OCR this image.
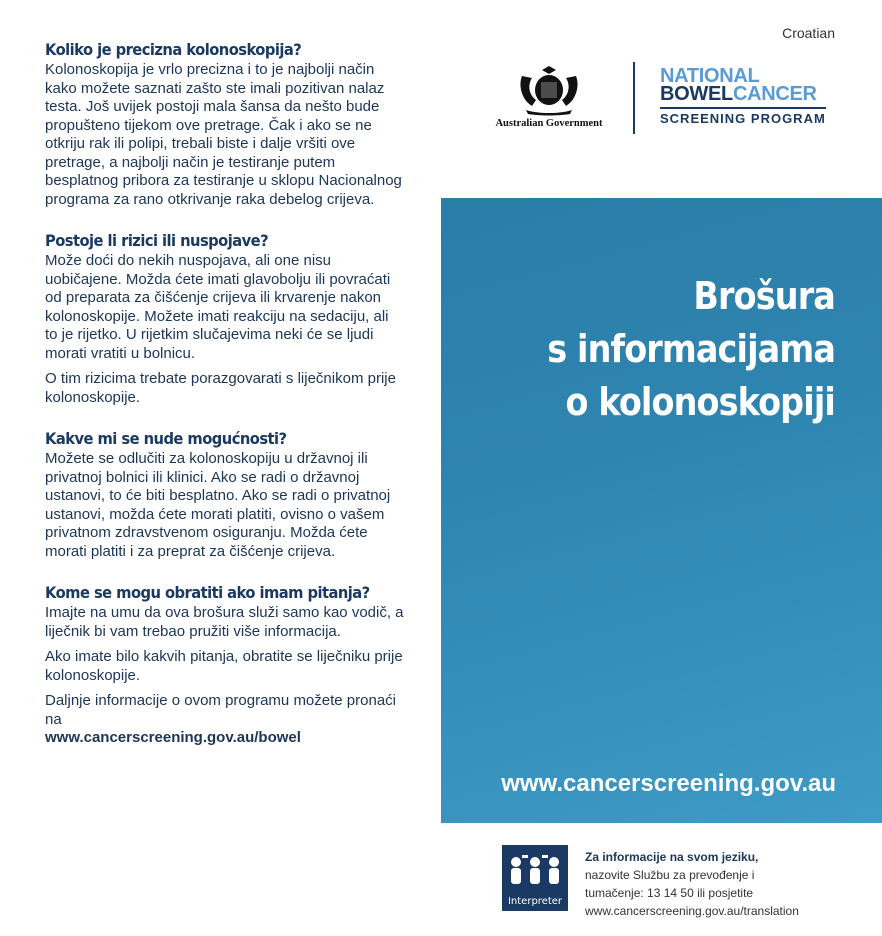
Croatian
Koliko je precizna kolonoskopija?

Kolonoskopija je vrlo precizna i to je najbolji način kako možete saznati zašto ste imali pozitivan nalaz testa. Još uvijek postoji mala šansa da nešto bude propušteno tijekom ove pretrage. Čak i ako se ne otkriju rak ili polipi, trebali biste i dalje vršiti ove pretrage, a najbolji način je testiranje putem besplatnog pribora za testiranje u sklopu Nacionalnog programa za rano otkrivanje raka debelog crijeva.

Postoje li rizici ili nuspojave?

Može doći do nekih nuspojava, ali one nisu uobičajene. Možda ćete imati glavobolju ili povraćati od preparata za čišćenje crijeva ili krvarenje nakon kolonoskopije. Možete imati reakciju na sedaciju, ali to je rijetko. U rijetkim slučajevima neki će se ljudi morati vratiti u bolnicu.

O tim rizicima trebate porazgovarati s liječnikom prije kolonoskopije.

Kakve mi se nude mogućnosti?

Možete se odlučiti za kolonoskopiju u državnoj ili privatnoj bolnici ili klinici. Ako se radi o državnoj ustanovi, to će biti besplatno. Ako se radi o privatnoj ustanovi, možda ćete morati platiti, ovisno o vašem privatnom zdravstvenom osiguranju. Možda ćete morati platiti i za preprat za čišćenje crijeva.

Kome se mogu obratiti ako imam pitanja?

Imajte na umu da ova brošura služi samo kao vodič, a liječnik bi vam trebao pružiti više informacija.

Ako imate bilo kakvih pitanja, obratite se liječniku prije kolonoskopije.

Daljnje informacije o ovom programu možete pronaći na

www.cancerscreening.gov.au/bowel

Australian Government
NATIONAL
BOWELCANCER
SCREENING PROGRAM
Brošura
s informacijama
o kolonoskopiji
www.cancerscreening.gov.au
Interpreter
Za informacije na svom jeziku,
nazovite Službu za prevođenje i
tumačenje: 13 14 50 ili posjetite
www.cancerscreening.gov.au/translation
